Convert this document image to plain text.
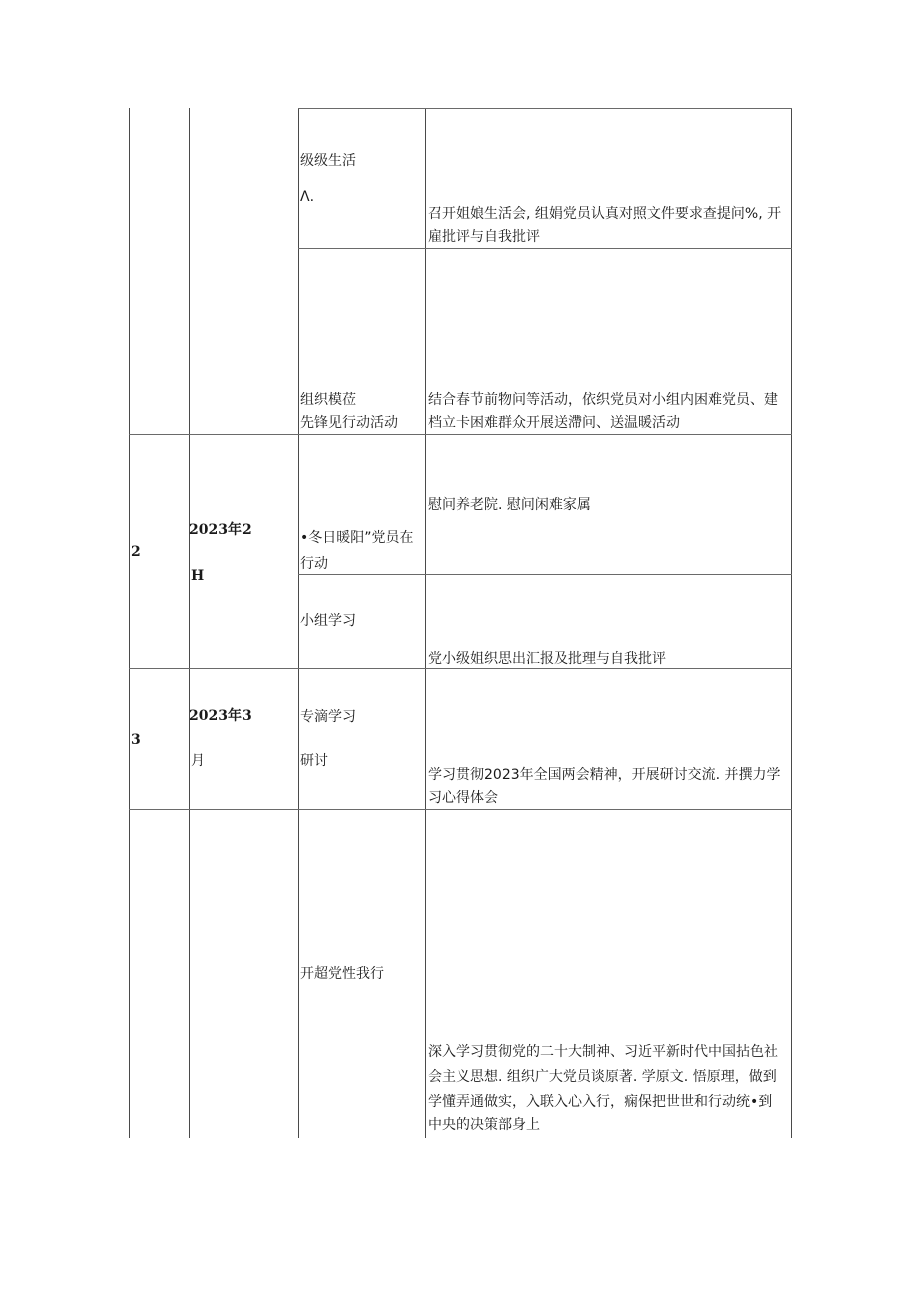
级级生活
Λ.
召开姐娘生活会, 组娟党员认真对照文件要求查提问%, 开
雇批评与自我批评
组织模莅
先锋见行动活动
结合春节前物问等活动，依织党员对小组内困难党员、建
档立卡困难群众开展送滯问、送温暖活动
2
2023年2
H
•冬日暖阳”党员在
行动
慰问养老院. 慰问闲难家属
小组学习
党小级姐织思出汇报及批理与自我批评
3
2023年3
月
专滴学习
研讨
学习贯彻2023年全国两会精神，开展研讨交流. 并撰力学
习心得体会
开超党性我行
深入学习贯彻党的二十大制神、习近平新时代中国拈色社
会主义思想. 组织广大党员谈原著. 学原文. 悟原理，做到
学懂弄通做实，入联入心入行，痫保把世世和行动统•到
中央的决策部身上
